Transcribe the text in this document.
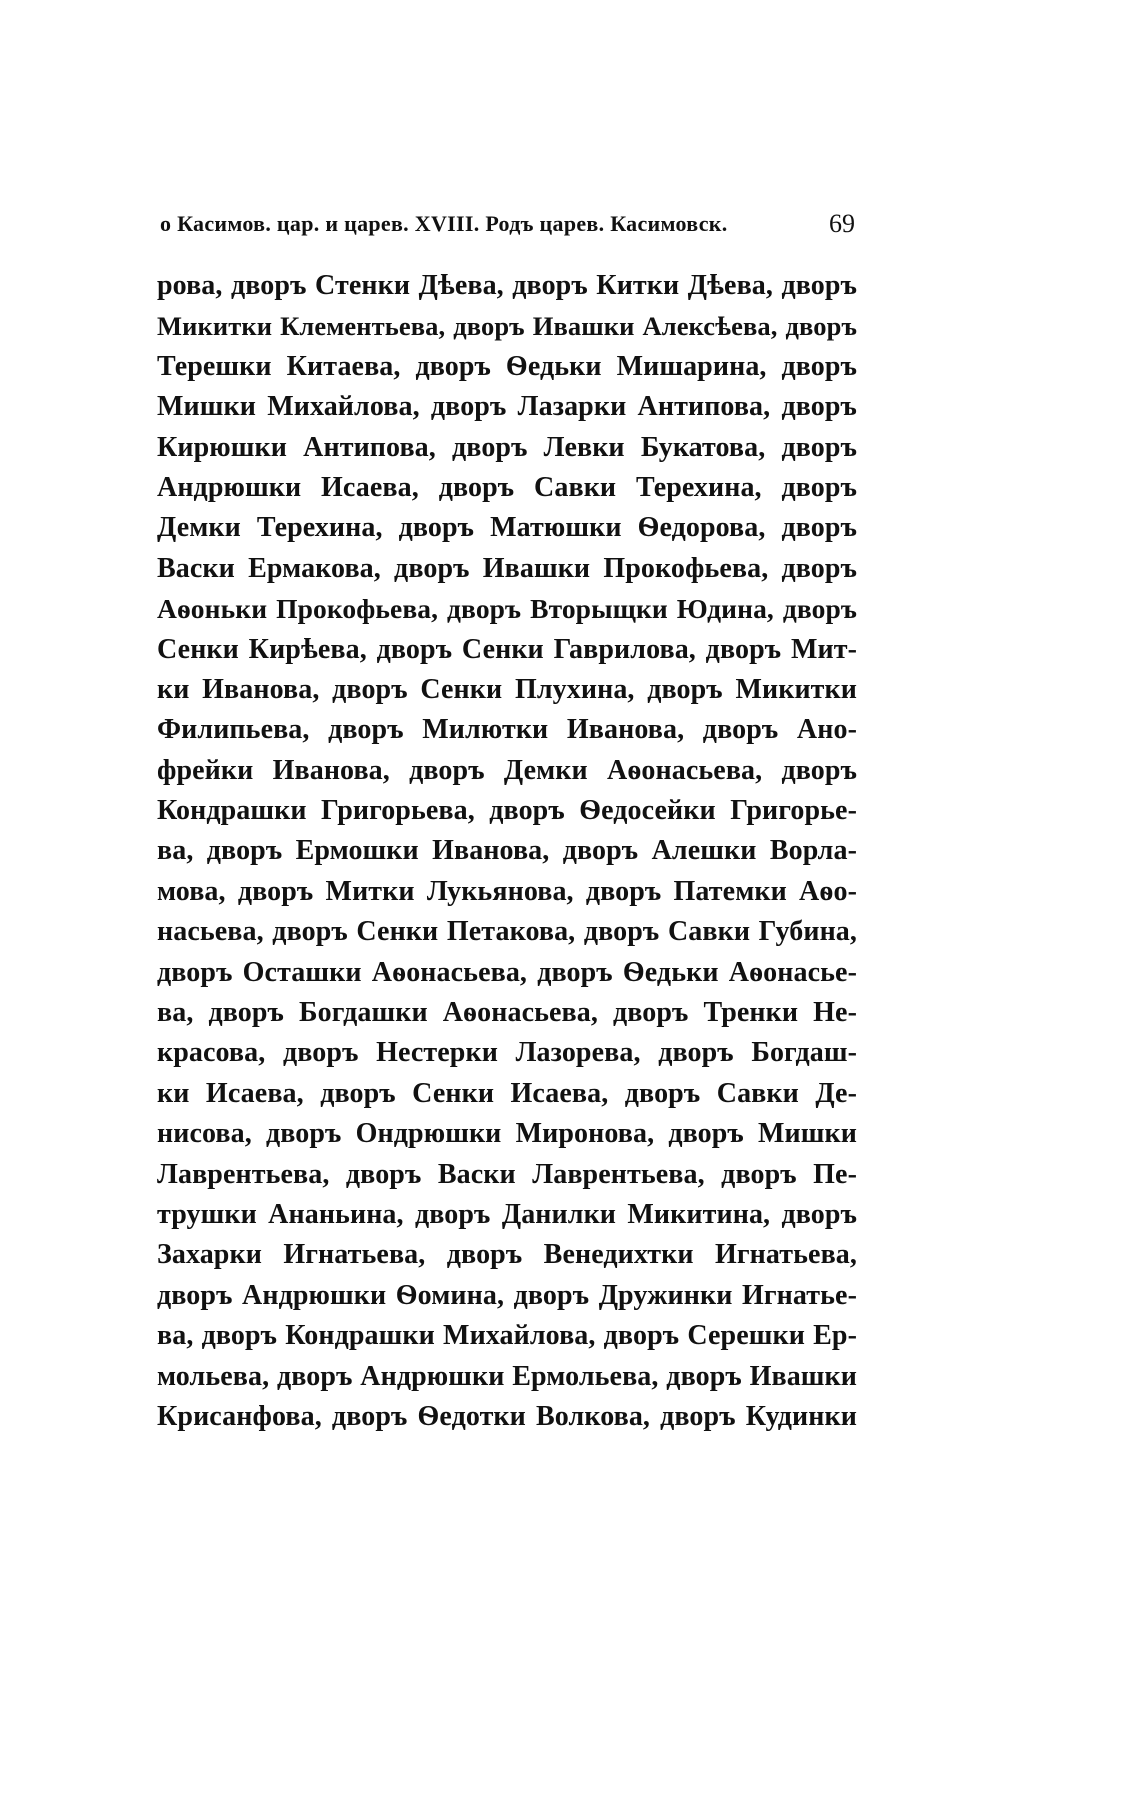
о Касимов. цар. и царев. XVIII. Родъ царев. Касимовск.	69
рова, дворъ Стенки Дѣева, дворъ Китки Дѣева, дворъ
Микитки Клементьева, дворъ Ивашки Алексѣева, дворъ
Терешки Китаева, дворъ Ѳедьки Мишарина, дворъ
Мишки Михайлова, дворъ Лазарки Антипова, дворъ
Кирюшки Антипова, дворъ Левки Букатова, дворъ
Андрюшки Исаева, дворъ Савки Терехина, дворъ
Демки Терехина, дворъ Матюшки Ѳедорова, дворъ
Васки Ермакова, дворъ Ивашки Прокофьева, дворъ
Аѳоньки Прокофьева, дворъ Вторыщки Юдина, дворъ
Сенки Кирѣева, дворъ Сенки Гаврилова, дворъ Мит-
ки Иванова, дворъ Сенки Плухина, дворъ Микитки
Филипьева, дворъ Милютки Иванова, дворъ Ано-
фрейки Иванова, дворъ Демки Аѳонасьева, дворъ
Кондрашки Григорьева, дворъ Ѳедосейки Григорье-
ва, дворъ Ермошки Иванова, дворъ Алешки Ворла-
мова, дворъ Митки Лукьянова, дворъ Патемки Аѳо-
насьева, дворъ Сенки Петакова, дворъ Савки Губина,
дворъ Осташки Аѳонасьева, дворъ Ѳедьки Аѳонасье-
ва, дворъ Богдашки Аѳонасьева, дворъ Тренки Не-
красова, дворъ Нестерки Лазорева, дворъ Богдаш-
ки Исаева, дворъ Сенки Исаева, дворъ Савки Де-
нисова, дворъ Ондрюшки Миронова, дворъ Мишки
Лаврентьева, дворъ Васки Лаврентьева, дворъ Пе-
трушки Ананьина, дворъ Данилки Микитина, дворъ
Захарки Игнатьева, дворъ Венедихтки Игнатьева,
дворъ Андрюшки Ѳомина, дворъ Дружинки Игнатье-
ва, дворъ Кондрашки Михайлова, дворъ Серешки Ер-
мольева, дворъ Андрюшки Ермольева, дворъ Ивашки
Крисанфова, дворъ Ѳедотки Волкова, дворъ Кудинки
